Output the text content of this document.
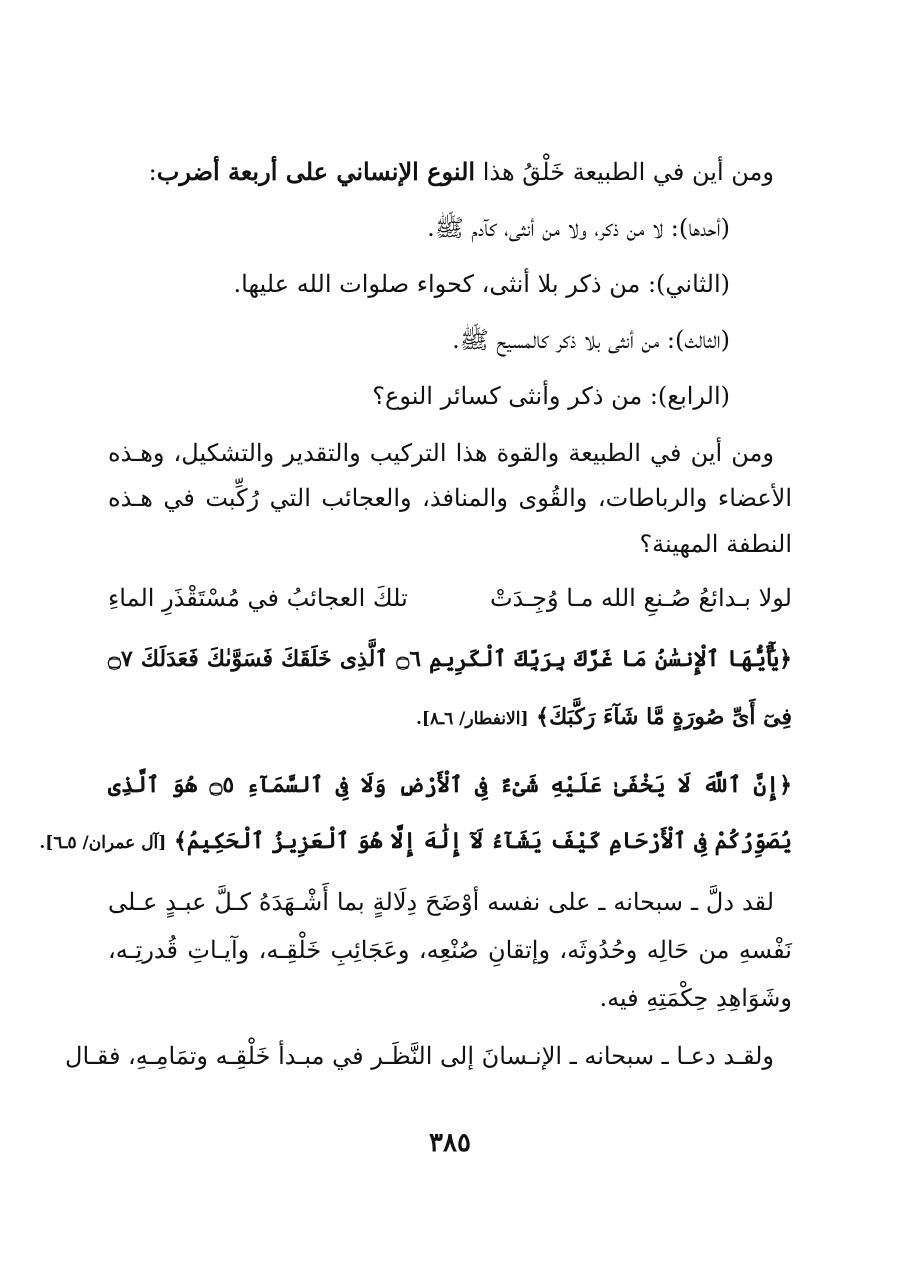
ومن أين في الطبيعة خَلْقُ هذا النوع الإنساني على أربعة أضرب:
(أحدها): لا من ذكر، ولا من أنثى، كآدم ﷺ.
(الثاني): من ذكر بلا أنثى، كحواء صلوات الله عليها.
(الثالث): من أنثى بلا ذكر كالمسيح ﷺ.
(الرابع): من ذكر وأنثى كسائر النوع؟
ومن أين في الطبيعة والقوة هذا التركيب والتقدير والتشكيل، وهـذه
الأعضاء والرباطات، والقُوى والمنافذ، والعجائب التي رُكِّبت في هـذه
النطفة المهينة؟
لولا بـدائعُ صُـنعِ الله مـا وُجِـدَتْ
تلكَ العجائبُ في مُسْتَقْذَرِ الماءِ
﴿يَٰٓأَيُّهَا ٱلْإِنسَٰنُ مَا غَرَّكَ بِرَبِّكَ ٱلْكَرِيمِ ۝٦ ٱلَّذِى خَلَقَكَ فَسَوَّىٰكَ فَعَدَلَكَ ۝٧
فِىٓ أَىِّ صُورَةٍ مَّا شَآءَ رَكَّبَكَ﴾ [الانفطار/ ٦ـ٨].
﴿إِنَّ ٱللَّهَ لَا يَخْفَىٰ عَلَيْهِ شَىْءٌ فِى ٱلْأَرْضِ وَلَا فِى ٱلسَّمَآءِ ۝٥ هُوَ ٱلَّذِى
يُصَوِّرُكُمْ فِى ٱلْأَرْحَامِ كَيْفَ يَشَآءُ لَآ إِلَٰهَ إِلَّا هُوَ ٱلْعَزِيزُ ٱلْحَكِيمُ﴾ [آل عمران/ ٥ـ٦].
لقد دلَّ ـ سبحانه ـ على نفسه أوْضَحَ دِلَالةٍ بما أَشْـهَدَهُ كـلَّ عبـدٍ عـلى
نَفْسهِ من حَالِه وحُدُوثَه، وإتقانِ صُنْعِه، وعَجَائِبِ خَلْقِـه، وآيـاتِ قُدرتِـه،
وشَوَاهِدِ حِكْمَتِهِ فيه.
ولقـد دعـا ـ سبحانه ـ الإنـسانَ إلى النَّظَـر في مبـدأ خَلْقِـه وتمَامِـهِ، فقـال
٣٨٥
